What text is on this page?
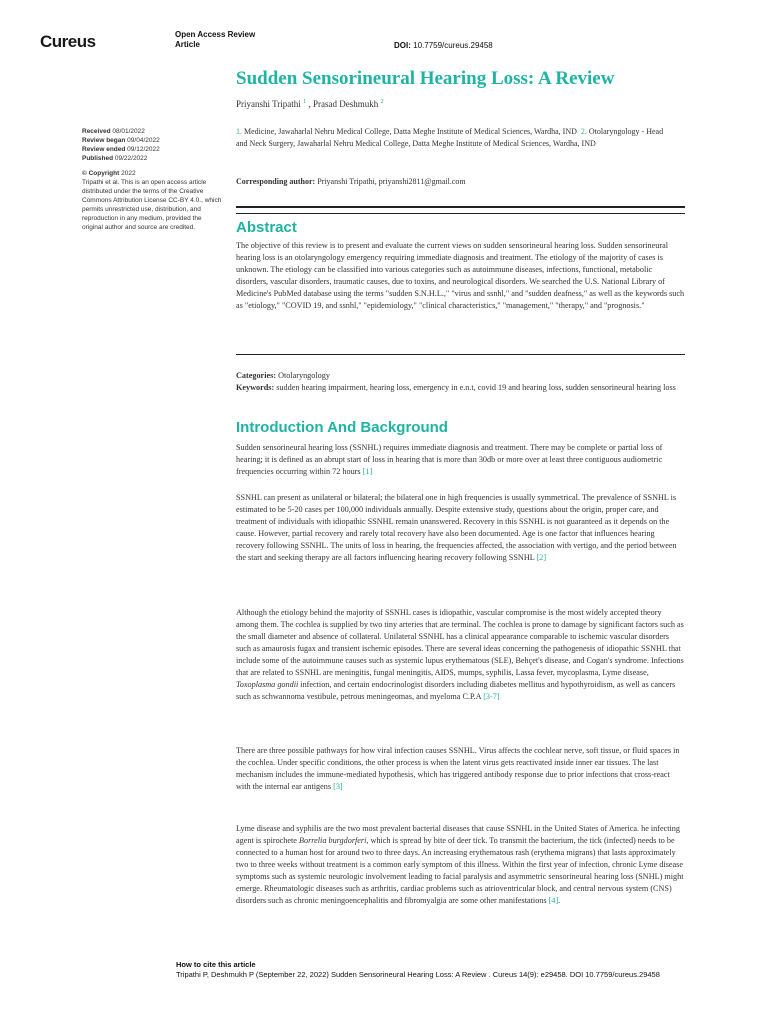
Cureus	Open Access Review
Article	DOI: 10.7759/cureus.29458
Sudden Sensorineural Hearing Loss: A Review
Priyanshi Tripathi $^1$ , Prasad Deshmukh $^2$
1. Medicine, Jawaharlal Nehru Medical College, Datta Meghe Institute of Medical Sciences, Wardha, IND 2. Otolaryngology - Head and Neck Surgery, Jawaharlal Nehru Medical College, Datta Meghe Institute of Medical Sciences, Wardha, IND
Corresponding author: Priyanshi Tripathi, priyanshi2811@gmail.com
Received 08/01/2022
Review began 09/04/2022
Review ended 09/12/2022
Published 09/22/2022
© Copyright 2022
Tripathi et al. This is an open access article distributed under the terms of the Creative Commons Attribution License CC-BY 4.0., which permits unrestricted use, distribution, and reproduction in any medium, provided the original author and source are credited.	Abstract

The objective of this review is to present and evaluate the current views on sudden sensorineural hearing loss. Sudden sensorineural hearing loss is an otolaryngology emergency requiring immediate diagnosis and treatment. The etiology of the majority of cases is unknown. The etiology can be classified into various categories such as autoimmune diseases, infections, functional, metabolic disorders, vascular disorders, traumatic causes, due to toxins, and neurological disorders. We searched the U.S. National Library of Medicine's PubMed database using the terms "sudden S.N.H.L.," "virus and ssnhl," and "sudden deafness," as well as the keywords such as "etiology," "COVID 19, and ssnhl," "epidemiology," "clinical characteristics," "management," "therapy," and "prognosis."

Categories: Otolaryngology
Keywords: sudden hearing impairment, hearing loss, emergency in e.n.t, covid 19 and hearing loss, sudden sensorineural hearing loss
Introduction And Background

Sudden sensorineural hearing loss (SSNHL) requires immediate diagnosis and treatment. There may be complete or partial loss of hearing; it is defined as an abrupt start of loss in hearing that is more than 30db or more over at least three contiguous audiometric frequencies occurring within 72 hours [1]

SSNHL can present as unilateral or bilateral; the bilateral one in high frequencies is usually symmetrical. The prevalence of SSNHL is estimated to be 5-20 cases per 100,000 individuals annually. Despite extensive study, questions about the origin, proper care, and treatment of individuals with idiopathic SSNHL remain unanswered. Recovery in this SSNHL is not guaranteed as it depends on the cause. However, partial recovery and rarely total recovery have also been documented. Age is one factor that influences hearing recovery following SSNHL. The units of loss in hearing, the frequencies affected, the association with vertigo, and the period between the start and seeking therapy are all factors influencing hearing recovery following SSNHL [2]

Although the etiology behind the majority of SSNHL cases is idiopathic, vascular compromise is the most widely accepted theory among them. The cochlea is supplied by two tiny arteries that are terminal. The cochlea is prone to damage by significant factors such as the small diameter and absence of collateral. Unilateral SSNHL has a clinical appearance comparable to ischemic vascular disorders such as amaurosis fugax and transient ischemic episodes. There are several ideas concerning the pathogenesis of idiopathic SSNHL that include some of the autoimmune causes such as systemic lupus erythematous (SLE), Behçet's disease, and Cogan's syndrome. Infections that are related to SSNHL are meningitis, fungal meningitis, AIDS, mumps, syphilis, Lassa fever, mycoplasma, Lyme disease, Toxoplasma gondii infection, and certain endocrinologist disorders including diabetes mellitus and hypothyroidism, as well as cancers such as schwannoma vestibule, petrous meningeomas, and myeloma C.P.A [3-7]

There are three possible pathways for how viral infection causes SSNHL. Virus affects the cochlear nerve, soft tissue, or fluid spaces in the cochlea. Under specific conditions, the other process is when the latent virus gets reactivated inside inner ear tissues. The last mechanism includes the immune-mediated hypothesis, which has triggered antibody response due to prior infections that cross-react with the internal ear antigens [3]

Lyme disease and syphilis are the two most prevalent bacterial diseases that cause SSNHL in the United States of America. he infecting agent is spirochete Borrelia burgdorferi, which is spread by bite of deer tick. To transmit the bacterium, the tick (infected) needs to be connected to a human host for around two to three days. An increasing erythematous rash (erythema migrans) that lasts approximately two to three weeks without treatment is a common early symptom of this illness. Within the first year of infection, chronic Lyme disease symptoms such as systemic neurologic involvement leading to facial paralysis and asymmetric sensorineural hearing loss (SNHL) might emerge. Rheumatologic diseases such as arthritis, cardiac problems such as atrioventricular block, and central nervous system (CNS) disorders such as chronic meningoencephalitis and fibromyalgia are some other manifestations [4].

How to cite this article
Tripathi P, Deshmukh P (September 22, 2022) Sudden Sensorineural Hearing Loss: A Review . Cureus 14(9): e29458. DOI 10.7759/cureus.29458
